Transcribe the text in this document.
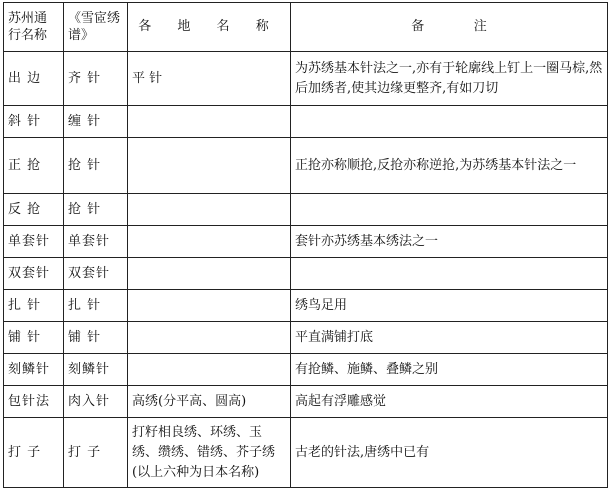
苏州通行名称	《雪宧绣谱》	各 地 名 称	备            注
出 边	齐 针	平 针	为苏绣基本针法之一,亦有于轮廓线上钉上一圈马棕,然后加绣者,使其边缘更整齐,有如刀切
斜 针	缠 针		
正 抢	抢 针		正抢亦称顺抢,反抢亦称逆抢,为苏绣基本针法之一
反 抢	抢 针		
单套针	单套针		套针亦苏绣基本绣法之一
双套针	双套针		
扎 针	扎 针		绣鸟足用
铺 针	铺 针		平直满铺打底
刻鳞针	刻鳞针		有抢鳞、施鳞、叠鳞之别
包针法	肉入针	高绣(分平高、圆高)	高起有浮雕感觉
打 子	打 子	打籽相良绣、环绣、玉绣、缵绣、错绣、芥子绣(以上六种为日本名称)	古老的针法,唐绣中已有
